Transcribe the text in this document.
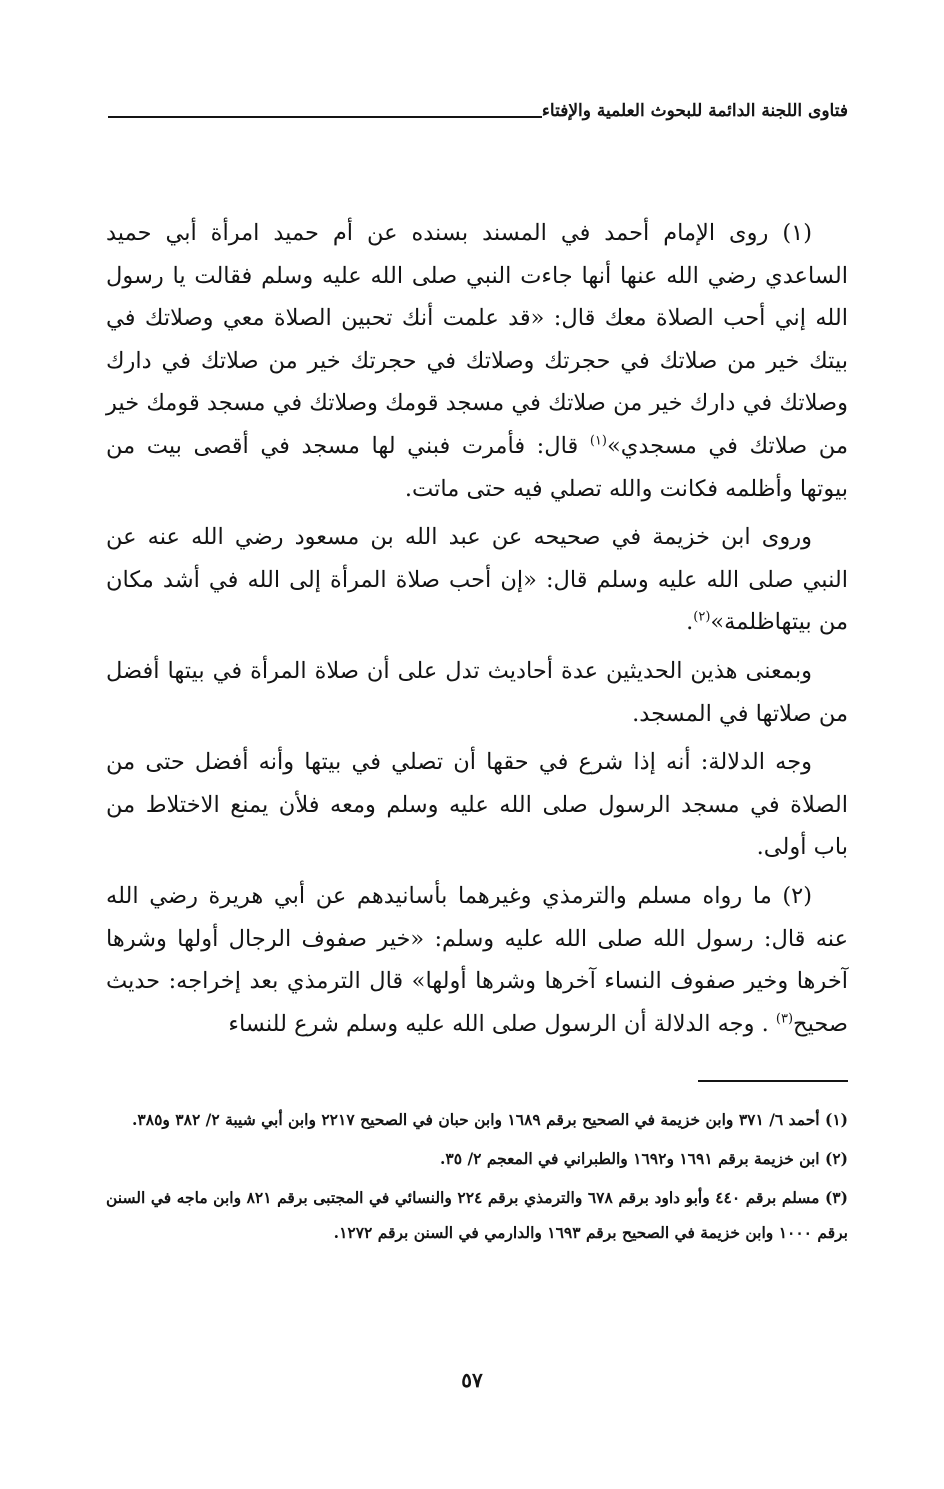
فتاوى اللجنة الدائمة للبحوث العلمية والإفتاء

(١) روى الإمام أحمد في المسند بسنده عن أم حميد امرأة أبي حميد الساعدي رضي الله عنها أنها جاءت النبي صلى الله عليه وسلم فقالت يا رسول الله إني أحب الصلاة معك قال: «قد علمت أنك تحبين الصلاة معي وصلاتك في بيتك خير من صلاتك في حجرتك وصلاتك في حجرتك خير من صلاتك في دارك وصلاتك في دارك خير من صلاتك في مسجد قومك وصلاتك في مسجد قومك خير من صلاتك في مسجدي»$^{(١)}$ قال: فأمرت فبني لها مسجد في أقصى بيت من بيوتها وأظلمه فكانت والله تصلي فيه حتى ماتت.

وروى ابن خزيمة في صحيحه عن عبد الله بن مسعود رضي الله عنه عن النبي صلى الله عليه وسلم قال: «إن أحب صلاة المرأة إلى الله في أشد مكان من بيتهاظلمة»$^{(٢)}$.

وبمعنى هذين الحديثين عدة أحاديث تدل على أن صلاة المرأة في بيتها أفضل من صلاتها في المسجد.

وجه الدلالة: أنه إذا شرع في حقها أن تصلي في بيتها وأنه أفضل حتى من الصلاة في مسجد الرسول صلى الله عليه وسلم ومعه فلأن يمنع الاختلاط من باب أولى.

(٢) ما رواه مسلم والترمذي وغيرهما بأسانيدهم عن أبي هريرة رضي الله عنه قال: رسول الله صلى الله عليه وسلم: «خير صفوف الرجال أولها وشرها آخرها وخير صفوف النساء آخرها وشرها أولها» قال الترمذي بعد إخراجه: حديث صحيح$^{(٣)}$ . وجه الدلالة أن الرسول صلى الله عليه وسلم شرع للنساء

(١) أحمد ٦/ ٣٧١ وابن خزيمة في الصحيح برقم ١٦٨٩ وابن حبان في الصحيح ٢٢١٧ وابن أبي شيبة ٢/ ٣٨٢ و٣٨٥.

(٢) ابن خزيمة برقم ١٦٩١ و١٦٩٢ والطبراني في المعجم ٢/ ٣٥.

(٣) مسلم برقم ٤٤٠ وأبو داود برقم ٦٧٨ والترمذي برقم ٢٢٤ والنسائي في المجتبى برقم ٨٢١ وابن ماجه في السنن برقم ١٠٠٠ وابن خزيمة في الصحيح برقم ١٦٩٣ والدارمي في السنن برقم ١٢٧٢.

٥٧
